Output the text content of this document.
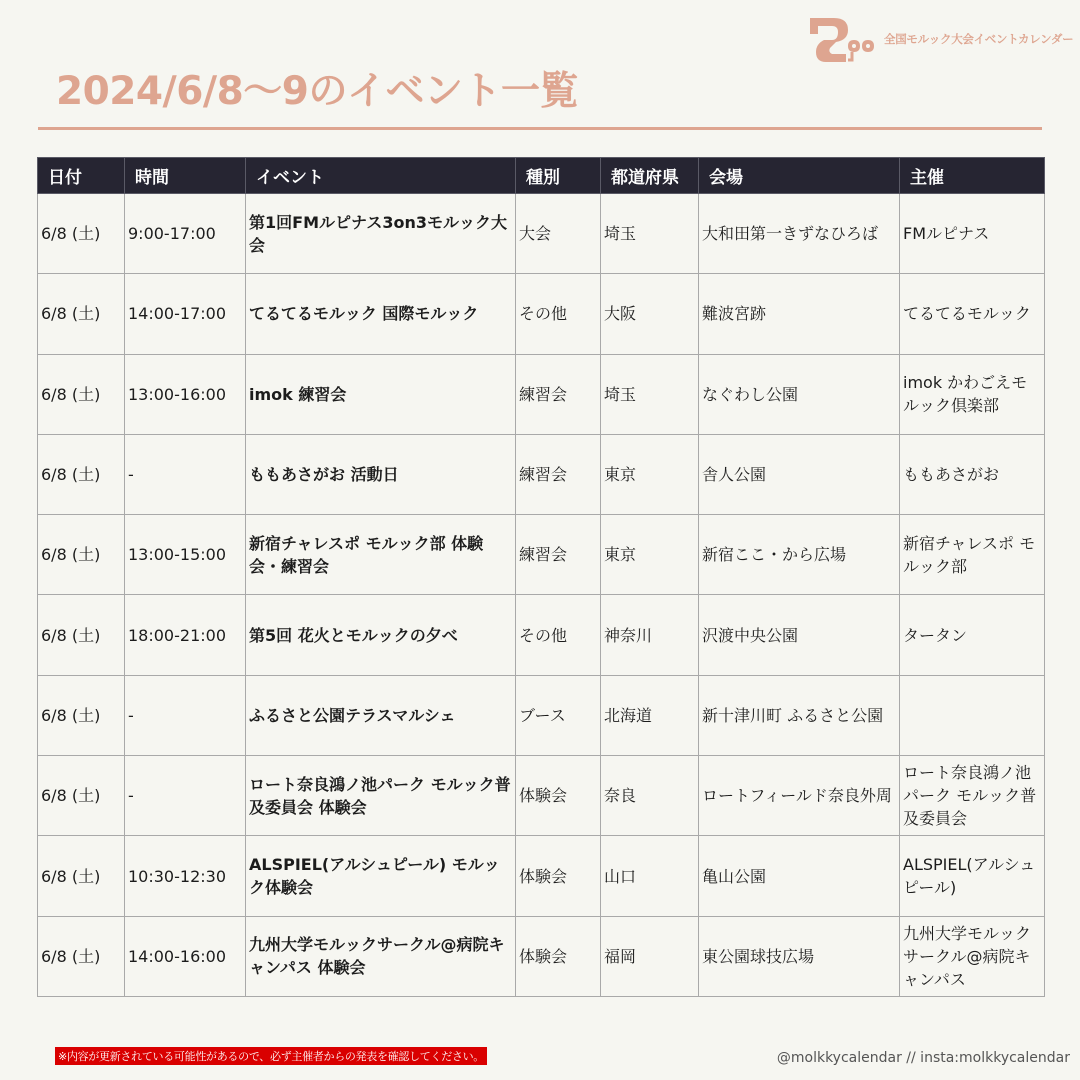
全国モルック大会イベントカレンダー
2024/6/8～9のイベント一覧
日付	時間	イベント	種別	都道府県	会場	主催
6/8 (土)	9:00-17:00	第1回FMルピナス3on3モルック大会	大会	埼玉	大和田第一きずなひろば	FMルピナス
6/8 (土)	14:00-17:00	てるてるモルック 国際モルック	その他	大阪	難波宮跡	てるてるモルック
6/8 (土)	13:00-16:00	imok 練習会	練習会	埼玉	なぐわし公園	imok かわごえモルック倶楽部
6/8 (土)	-	ももあさがお 活動日	練習会	東京	舎人公園	ももあさがお
6/8 (土)	13:00-15:00	新宿チャレスポ モルック部 体験会・練習会	練習会	東京	新宿ここ・から広場	新宿チャレスポ モルック部
6/8 (土)	18:00-21:00	第5回 花火とモルックの夕べ	その他	神奈川	沢渡中央公園	タータン
6/8 (土)	-	ふるさと公園テラスマルシェ	ブース	北海道	新十津川町 ふるさと公園	
6/8 (土)	-	ロート奈良鴻ノ池パーク モルック普及委員会 体験会	体験会	奈良	ロートフィールド奈良外周	ロート奈良鴻ノ池パーク モルック普及委員会
6/8 (土)	10:30-12:30	ALSPIEL(アルシュピール) モルック体験会	体験会	山口	亀山公園	ALSPIEL(アルシュピール)
6/8 (土)	14:00-16:00	九州大学モルックサークル@病院キャンパス 体験会	体験会	福岡	東公園球技広場	九州大学モルックサークル@病院キャンパス
※内容が更新されている可能性があるので、必ず主催者からの発表を確認してください。	@molkkycalendar // insta:molkkycalendar
